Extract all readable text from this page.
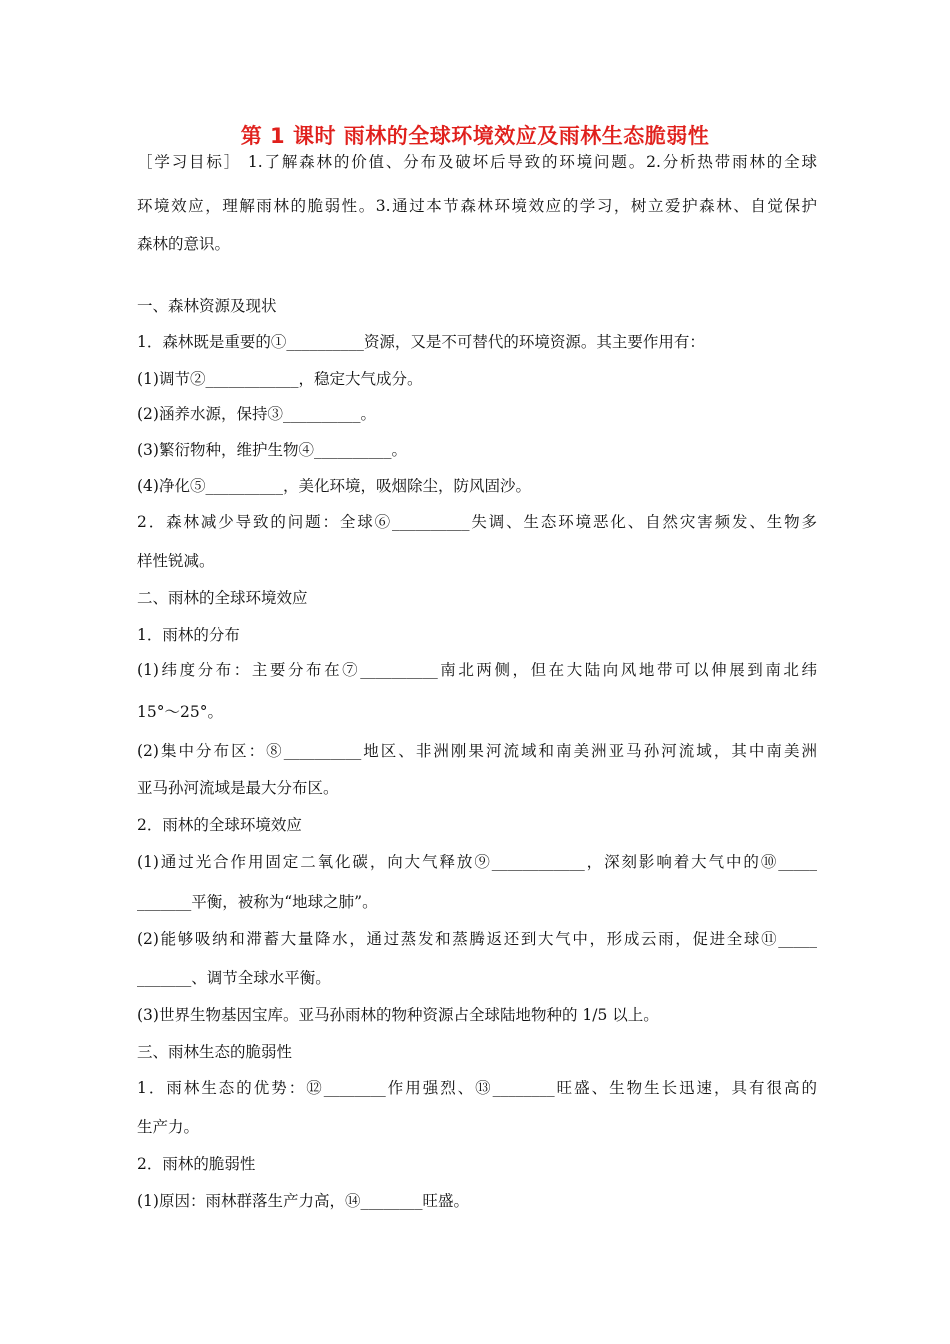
第 1 课时 雨林的全球环境效应及雨林生态脆弱性
［学习目标］ 1.了解森林的价值、分布及破坏后导致的环境问题。2.分析热带雨林的全球
环境效应，理解雨林的脆弱性。3.通过本节森林环境效应的学习，树立爱护森林、自觉保护
森林的意识。
一、森林资源及现状
1．森林既是重要的①__________资源，又是不可替代的环境资源。其主要作用有：
(1)调节②____________，稳定大气成分。
(2)涵养水源，保持③__________。
(3)繁衍物种，维护生物④__________。
(4)净化⑤__________，美化环境，吸烟除尘，防风固沙。
2．森林减少导致的问题：全球⑥__________失调、生态环境恶化、自然灾害频发、生物多
样性锐减。
二、雨林的全球环境效应
1．雨林的分布
(1)纬度分布：主要分布在⑦__________南北两侧，但在大陆向风地带可以伸展到南北纬
15°～25°。
(2)集中分布区：⑧__________地区、非洲刚果河流域和南美洲亚马孙河流域，其中南美洲
亚马孙河流域是最大分布区。
2．雨林的全球环境效应
(1)通过光合作用固定二氧化碳，向大气释放⑨____________，深刻影响着大气中的⑩_____
_______平衡，被称为“地球之肺”。
(2)能够吸纳和滞蓄大量降水，通过蒸发和蒸腾返还到大气中，形成云雨，促进全球⑪_____
_______、调节全球水平衡。
(3)世界生物基因宝库。亚马孙雨林的物种资源占全球陆地物种的 1/5 以上。
三、雨林生态的脆弱性
1．雨林生态的优势：⑫________作用强烈、⑬________旺盛、生物生长迅速，具有很高的
生产力。
2．雨林的脆弱性
(1)原因：雨林群落生产力高，⑭________旺盛。
